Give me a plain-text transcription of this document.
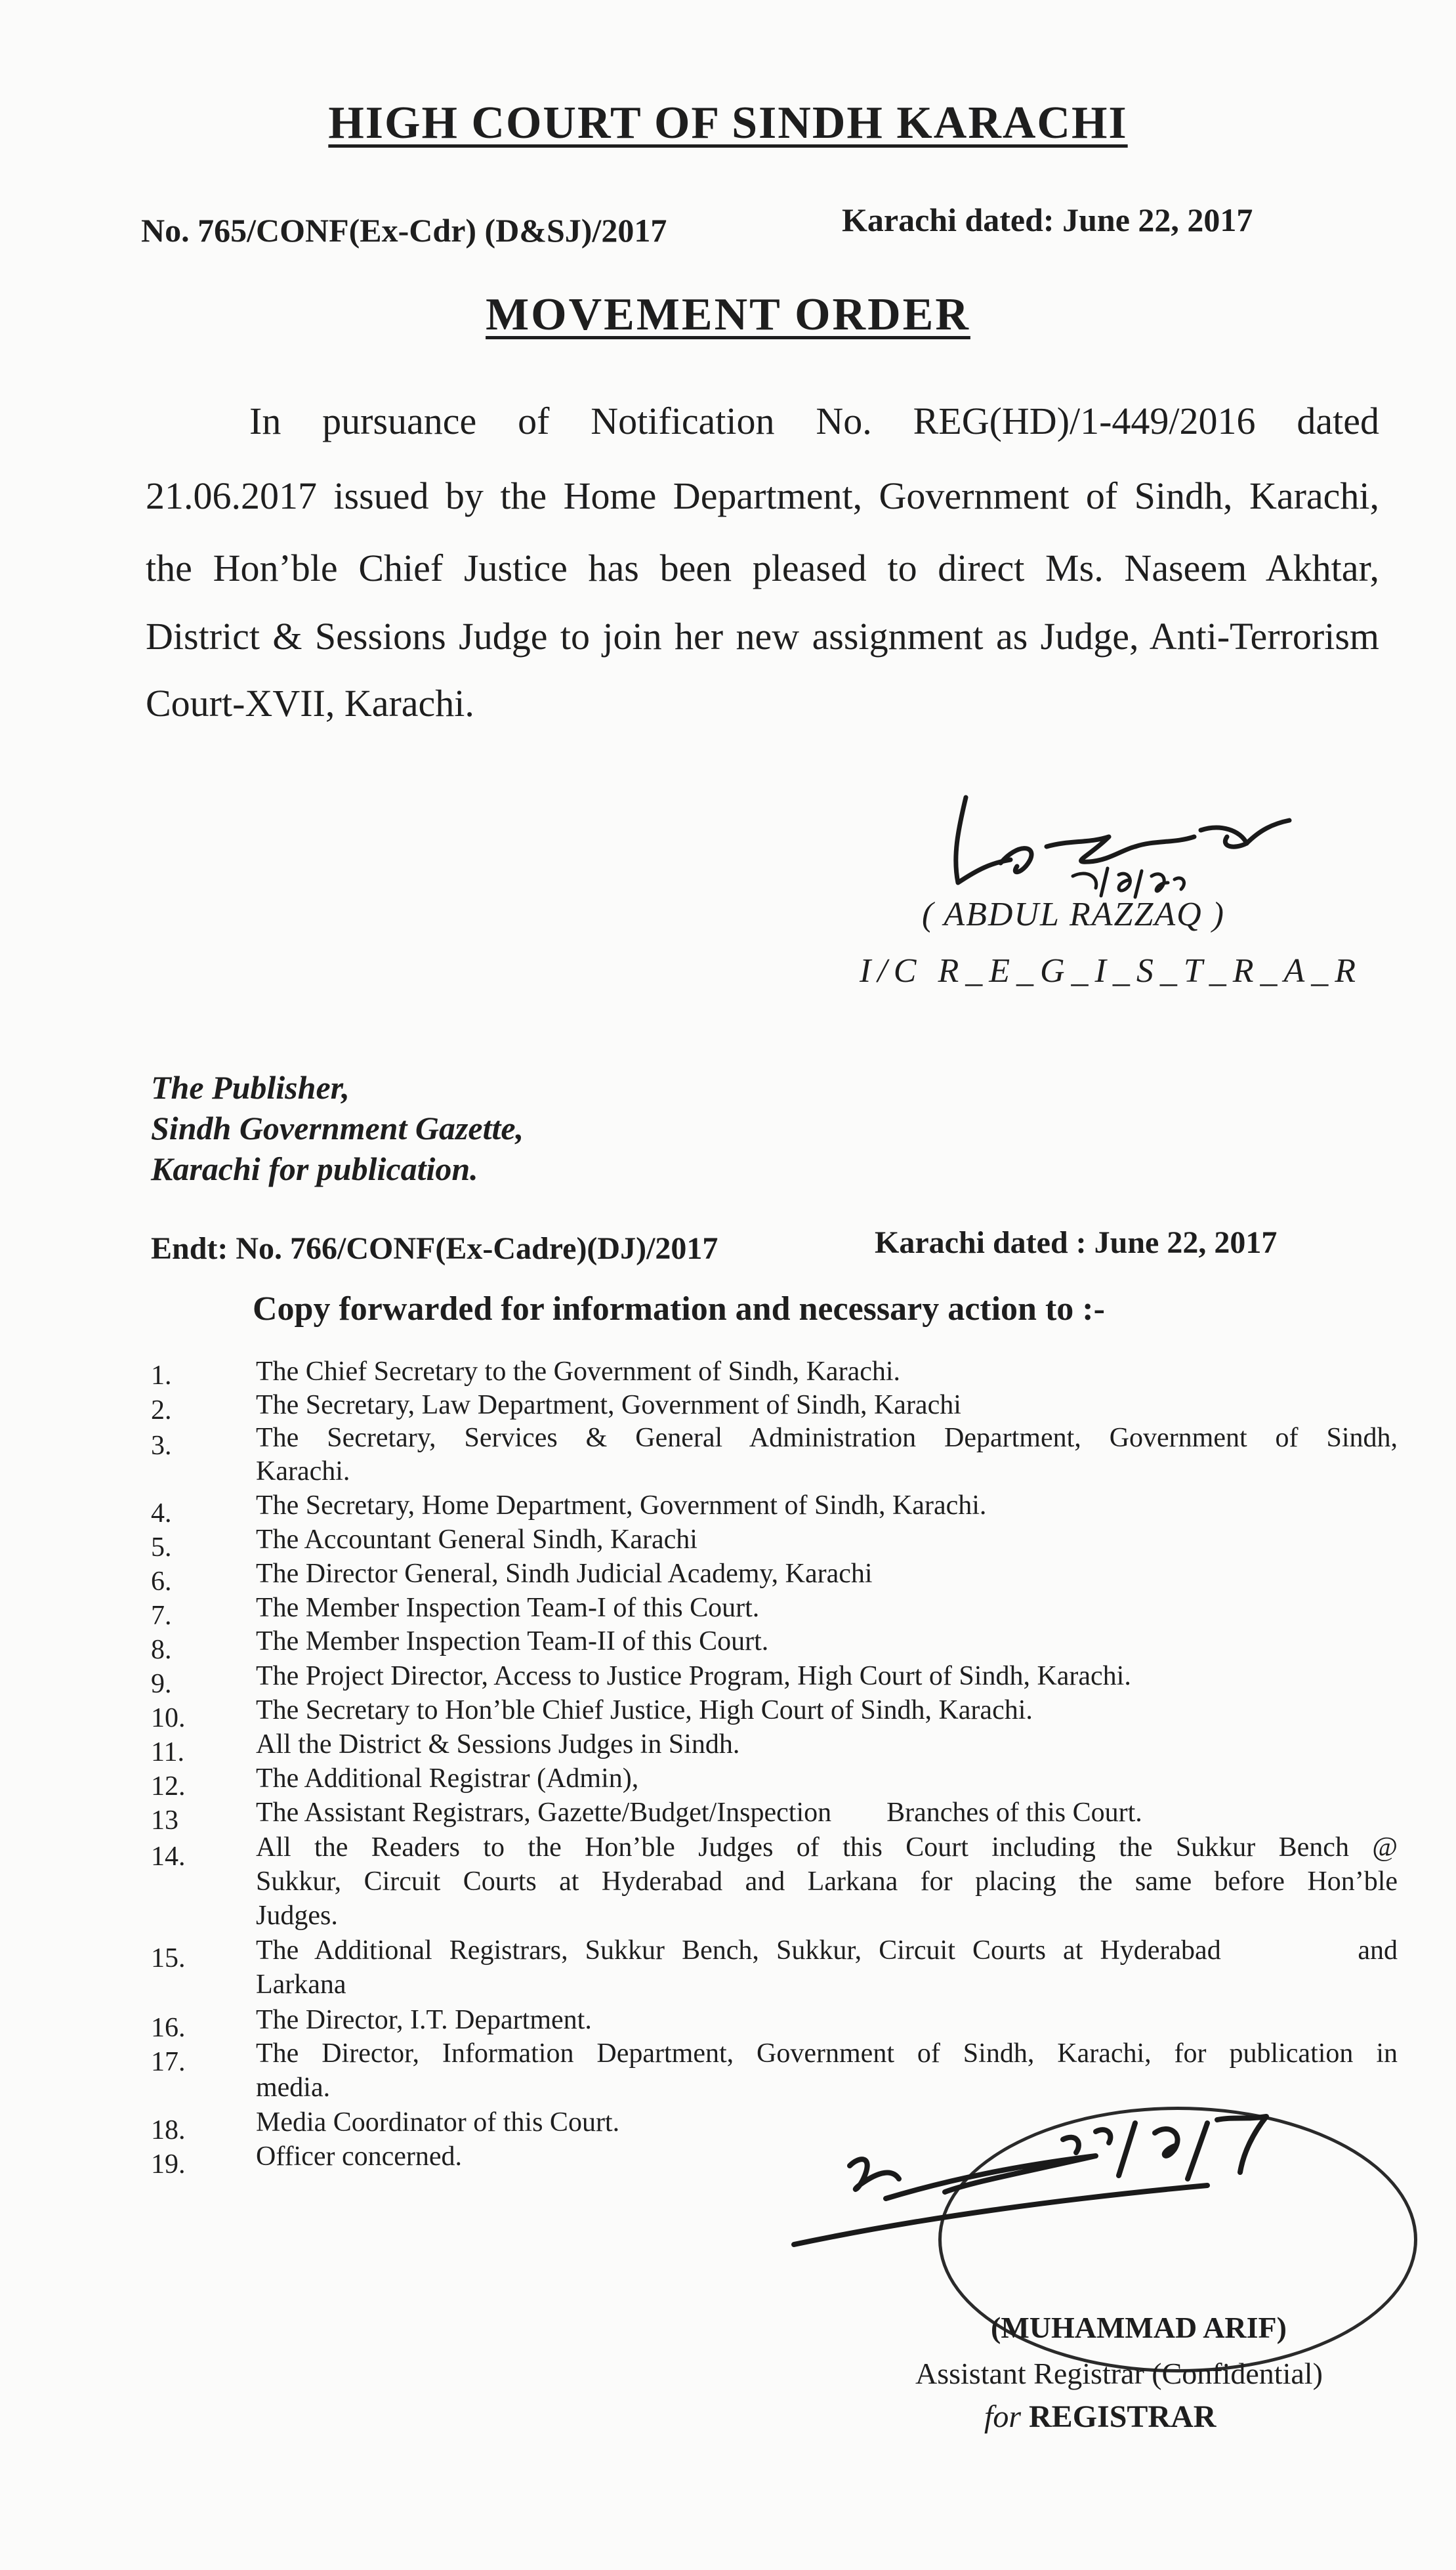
HIGH COURT OF SINDH KARACHI
No. 765/CONF(Ex-Cdr) (D&SJ)/2017	Karachi dated: June 22, 2017
MOVEMENT ORDER
In pursuance of Notification No. REG(HD)/1-449/2016 dated
21.06.2017 issued by the Home Department, Government of Sindh, Karachi,
the Hon’ble Chief Justice has been pleased to direct Ms. Naseem Akhtar,
District & Sessions Judge to join her new assignment as Judge, Anti-Terrorism
Court-XVII, Karachi.
( ABDUL RAZZAQ )
I/C R_E_G_I_S_T_R_A_R
The Publisher,
Sindh Government Gazette,
Karachi for publication.
Endt: No. 766/CONF(Ex-Cadre)(DJ)/2017	Karachi dated : June 22, 2017
Copy forwarded for information and necessary action to :-
1.	The Chief Secretary to the Government of Sindh, Karachi.
2.	The Secretary, Law Department, Government of Sindh, Karachi
3.	The Secretary, Services & General Administration Department, Government of Sindh,
Karachi.
4.	The Secretary, Home Department, Government of Sindh, Karachi.
5.	The Accountant General Sindh, Karachi
6.	The Director General, Sindh Judicial Academy, Karachi
7.	The Member Inspection Team-I of this Court.
8.	The Member Inspection Team-II of this Court.
9.	The Project Director, Access to Justice Program, High Court of Sindh, Karachi.
10.	The Secretary to Hon’ble Chief Justice, High Court of Sindh, Karachi.
11.	All the District & Sessions Judges in Sindh.
12.	The Additional Registrar (Admin),
13	The Assistant Registrars, Gazette/Budget/Inspection        Branches of this Court.
14.	All the Readers to the Hon’ble Judges of this Court including the Sukkur Bench @
Sukkur, Circuit Courts at Hyderabad and Larkana for placing the same before Hon’ble
Judges.
15.	The Additional Registrars, Sukkur Bench, Sukkur, Circuit Courts at Hyderabad        and
Larkana
16.	The Director, I.T. Department.
17.	The Director, Information Department, Government of Sindh, Karachi, for publication in
media.
18.	Media Coordinator of this Court.
19.	Officer concerned.
(MUHAMMAD ARIF)
Assistant Registrar (Confidential)
for REGISTRAR
